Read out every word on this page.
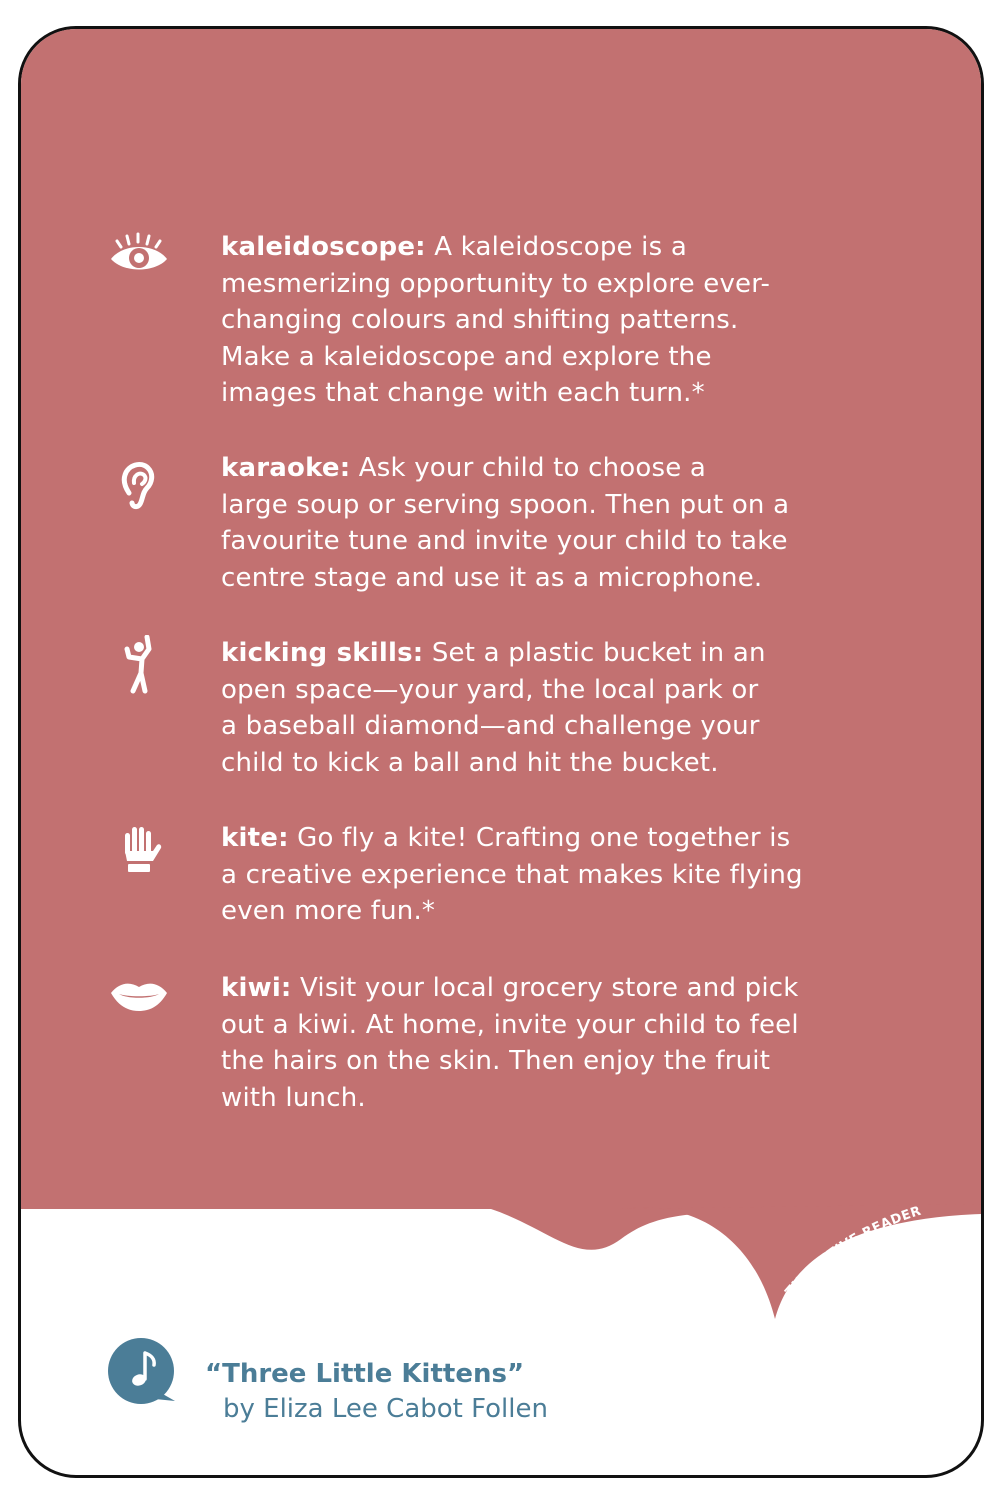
kaleidoscope: A kaleidoscope is a
mesmerizing opportunity to explore ever-
changing colours and shifting patterns.
Make a kaleidoscope and explore the
images that change with each turn.*
karaoke: Ask your child to choose a
large soup or serving spoon. Then put on a
favourite tune and invite your child to take
centre stage and use it as a microphone.
kicking skills: Set a plastic bucket in an
open space—your yard, the local park or
a baseball diamond—and challenge your
child to kick a ball and hit the bucket.
kite: Go fly a kite! Crafting one together is
a creative experience that makes kite flying
even more fun.*
kiwi: Visit your local grocery store and pick
out a kiwi. At home, invite your child to feel
the hairs on the skin. Then enjoy the fruit
with lunch.
THE ACTIVE READER
“Three Little Kittens”
by Eliza Lee Cabot Follen
